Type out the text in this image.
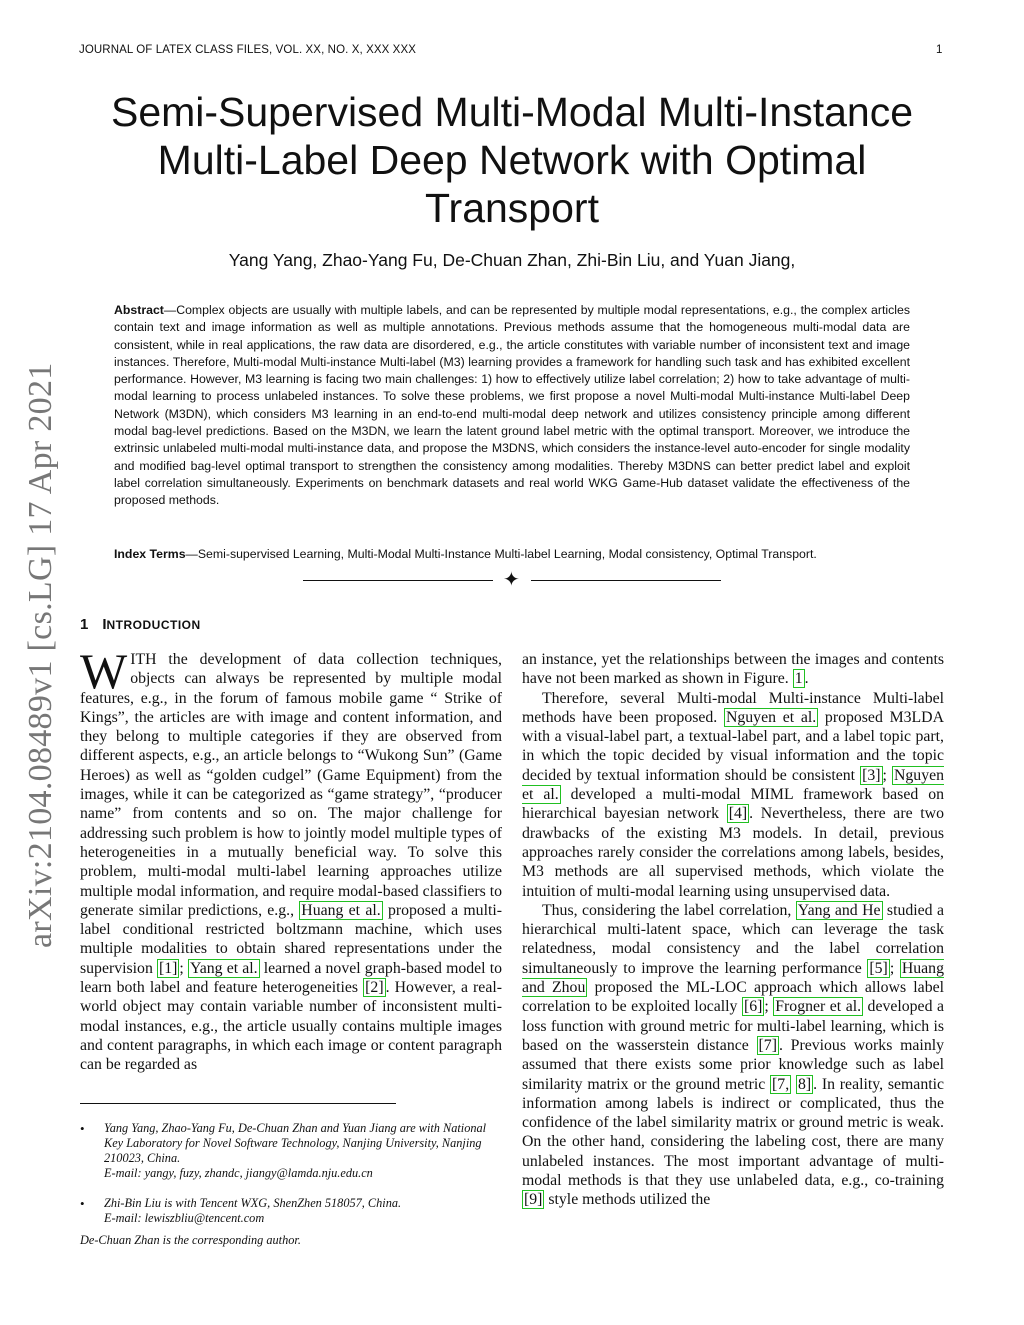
JOURNAL OF LATEX CLASS FILES, VOL. XX, NO. X, XXX XXX	1
Semi-Supervised Multi-Modal Multi-Instance
Multi-Label Deep Network with Optimal
Transport
Yang Yang, Zhao-Yang Fu, De-Chuan Zhan, Zhi-Bin Liu, and Yuan Jiang,
Abstract—Complex objects are usually with multiple labels, and can be represented by multiple modal representations, e.g., the complex articles contain text and image information as well as multiple annotations. Previous methods assume that the homogeneous multi-modal data are consistent, while in real applications, the raw data are disordered, e.g., the article constitutes with variable number of inconsistent text and image instances. Therefore, Multi-modal Multi-instance Multi-label (M3) learning provides a framework for handling such task and has exhibited excellent performance. However, M3 learning is facing two main challenges: 1) how to effectively utilize label correlation; 2) how to take advantage of multi-modal learning to process unlabeled instances. To solve these problems, we first propose a novel Multi-modal Multi-instance Multi-label Deep Network (M3DN), which considers M3 learning in an end-to-end multi-modal deep network and utilizes consistency principle among different modal bag-level predictions. Based on the M3DN, we learn the latent ground label metric with the optimal transport. Moreover, we introduce the extrinsic unlabeled multi-modal multi-instance data, and propose the M3DNS, which considers the instance-level auto-encoder for single modality and modified bag-level optimal transport to strengthen the consistency among modalities. Thereby M3DNS can better predict label and exploit label correlation simultaneously. Experiments on benchmark datasets and real world WKG Game-Hub dataset validate the effectiveness of the proposed methods.
Index Terms—Semi-supervised Learning, Multi-Modal Multi-Instance Multi-label Learning, Modal consistency, Optimal Transport.
✦
arXiv:2104.08489v1 [cs.LG] 17 Apr 2021 1 INTRODUCTION

WITH the development of data collection techniques, objects can always be represented by multiple modal features, e.g., in the forum of famous mobile game “ Strike of Kings”, the articles are with image and content information, and they belong to multiple categories if they are observed from different aspects, e.g., an article belongs to “Wukong Sun” (Game Heroes) as well as “golden cudgel” (Game Equipment) from the images, while it can be categorized as “game strategy”, “producer name” from contents and so on. The major challenge for addressing such problem is how to jointly model multiple types of heterogeneities in a mutually beneficial way. To solve this problem, multi-modal multi-label learning approaches utilize multiple modal information, and require modal-based classifiers to generate similar predictions, e.g., Huang et al. proposed a multi-label conditional restricted boltzmann machine, which uses multiple modalities to obtain shared representations under the supervision [1] ; Yang et al. learned a novel graph-based model to learn both label and feature heterogeneities [2] . However, a real-world object may contain variable number of inconsistent multi-modal instances, e.g., the article usually contains multiple images and content paragraphs, in which each image or content paragraph can be regarded as

an instance, yet the relationships between the images and contents have not been marked as shown in Figure. 1 .

Therefore, several Multi-modal Multi-instance Multi-label methods have been proposed. Nguyen et al. proposed M3LDA with a visual-label part, a textual-label part, and a label topic part, in which the topic decided by visual information and the topic decided by textual information should be consistent [3] ; Nguyen et al. developed a multi-modal MIML framework based on hierarchical bayesian network [4] . Nevertheless, there are two drawbacks of the existing M3 models. In detail, previous approaches rarely consider the correlations among labels, besides, M3 methods are all supervised methods, which violate the intuition of multi-modal learning using unsupervised data.

Thus, considering the label correlation, Yang and He studied a hierarchical multi-latent space, which can leverage the task relatedness, modal consistency and the label correlation simultaneously to improve the learning performance [5] ; Huang and Zhou proposed the ML-LOC approach which allows label correlation to be exploited locally [6] ; Frogner et al. developed a loss function with ground metric for multi-label learning, which is based on the wasserstein distance [7] . Previous works mainly assumed that there exists some prior knowledge such as label similarity matrix or the ground metric [7, 8] . In reality, semantic information among labels is indirect or complicated, thus the confidence of the label similarity matrix or ground metric is weak. On the other hand, considering the labeling cost, there are many unlabeled instances. The most important advantage of multi-modal methods is that they use unlabeled data, e.g., co-training [9] style methods utilized the

• Yang Yang, Zhao-Yang Fu, De-Chuan Zhan and Yuan Jiang are with National Key Laboratory for Novel Software Technology, Nanjing University, Nanjing 210023, China.
E-mail: yangy, fuzy, zhandc, jiangy@lamda.nju.edu.cn
• Zhi-Bin Liu is with Tencent WXG, ShenZhen 518057, China.
E-mail: lewiszbliu@tencent.com
De-Chuan Zhan is the corresponding author.
